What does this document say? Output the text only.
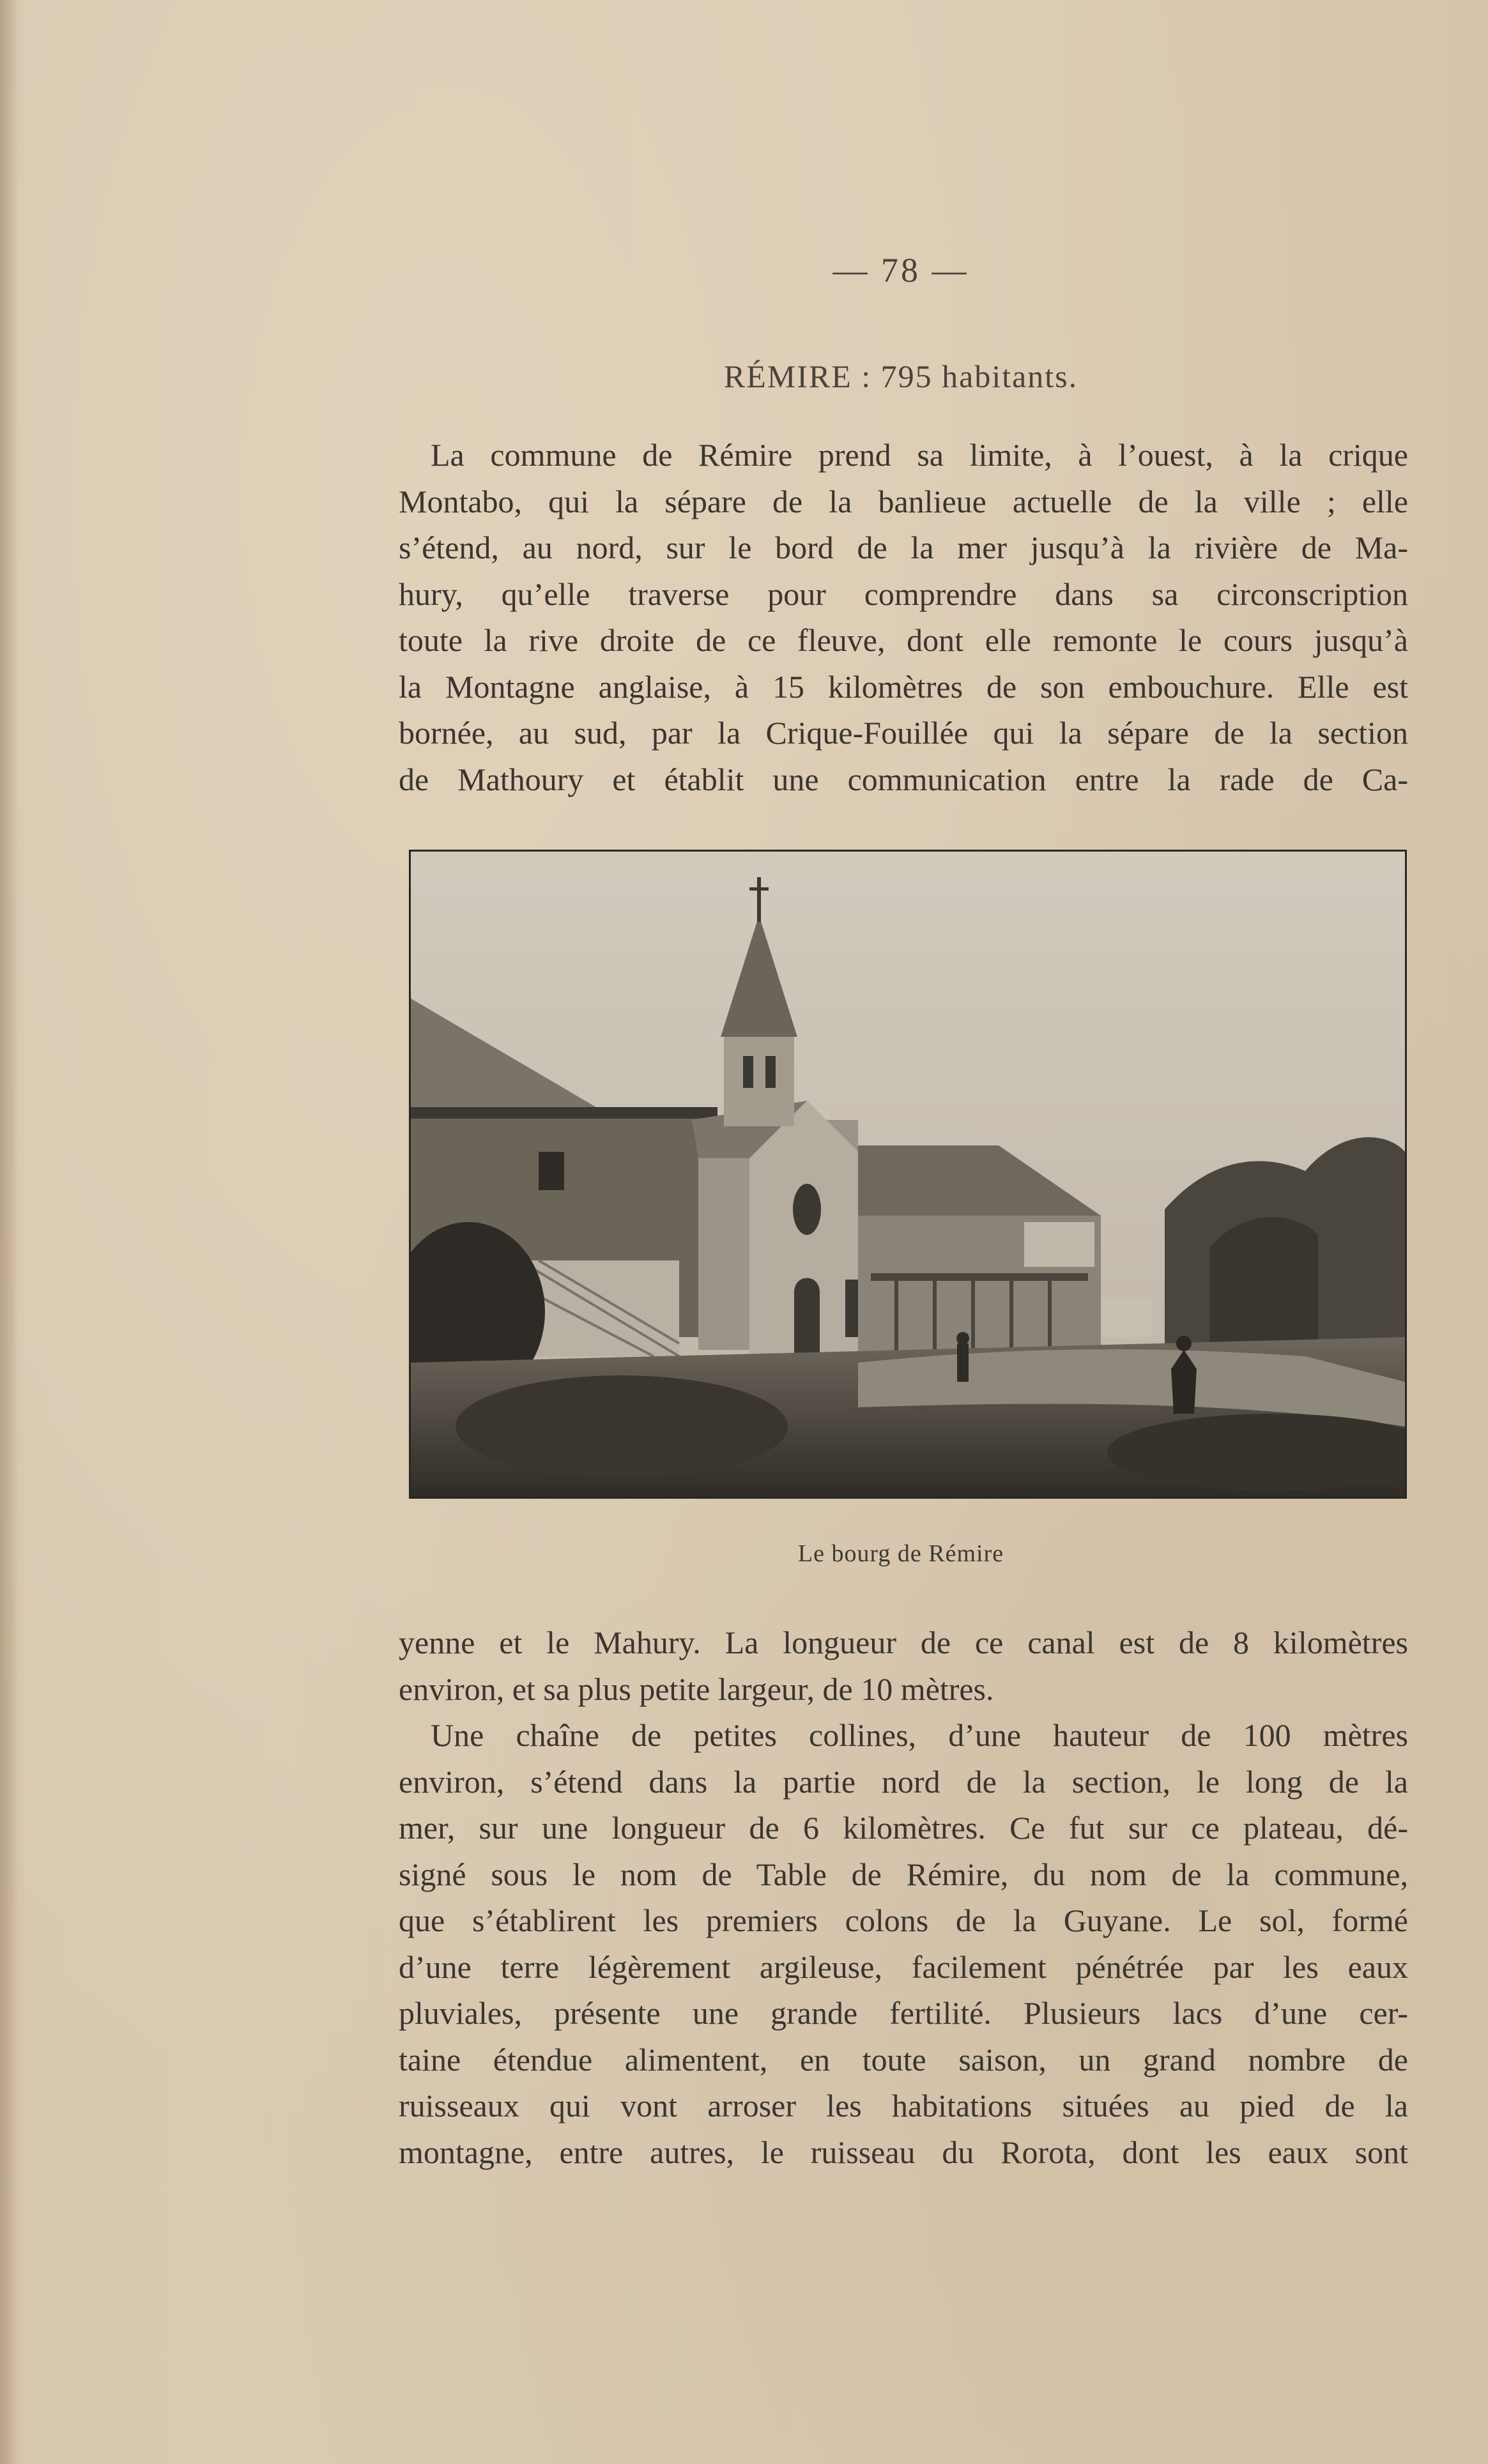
— 78 —
RÉMIRE : 795 habitants.
La commune de Rémire prend sa limite, à l’ouest, à la crique
Montabo, qui la sépare de la banlieue actuelle de la ville ; elle
s’étend, au nord, sur le bord de la mer jusqu’à la rivière de Ma-
hury, qu’elle traverse pour comprendre dans sa circonscription
toute la rive droite de ce fleuve, dont elle remonte le cours jusqu’à
la Montagne anglaise, à 15 kilomètres de son embouchure. Elle est
bornée, au sud, par la Crique-Fouillée qui la sépare de la section
de Mathoury et établit une communication entre la rade de Ca-
Le bourg de Rémire
yenne et le Mahury. La longueur de ce canal est de 8 kilomètres
environ, et sa plus petite largeur, de 10 mètres.
Une chaîne de petites collines, d’une hauteur de 100 mètres
environ, s’étend dans la partie nord de la section, le long de la
mer, sur une longueur de 6 kilomètres. Ce fut sur ce plateau, dé-
signé sous le nom de Table de Rémire, du nom de la commune,
que s’établirent les premiers colons de la Guyane. Le sol, formé
d’une terre légèrement argileuse, facilement pénétrée par les eaux
pluviales, présente une grande fertilité. Plusieurs lacs d’une cer-
taine étendue alimentent, en toute saison, un grand nombre de
ruisseaux qui vont arroser les habitations situées au pied de la
montagne, entre autres, le ruisseau du Rorota, dont les eaux sont
